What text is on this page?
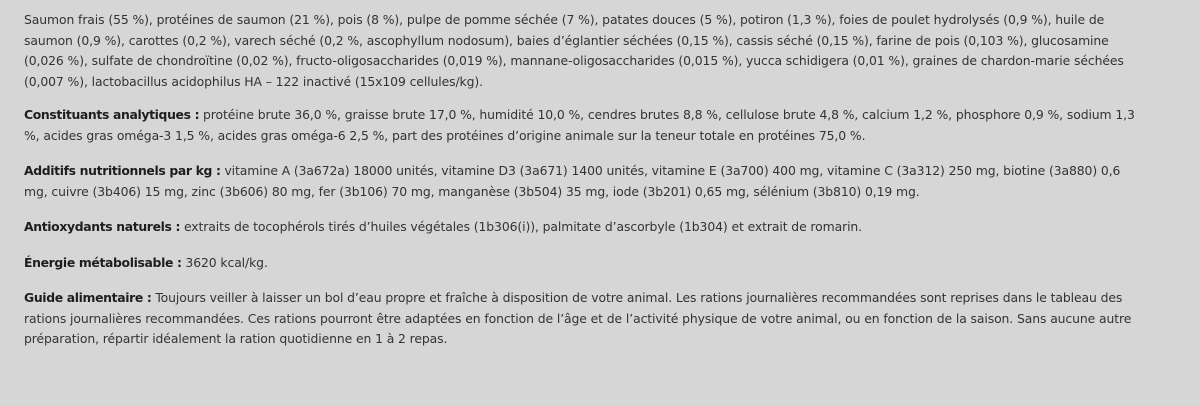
Saumon frais (55 %), protéines de saumon (21 %), pois (8 %), pulpe de pomme séchée (7 %), patates douces (5 %), potiron (1,3 %), foies de poulet hydrolysés (0,9 %), huile de saumon (0,9 %), carottes (0,2 %), varech séché (0,2 %, ascophyllum nodosum), baies d’églantier séchées (0,15 %), cassis séché (0,15 %), farine de pois (0,103 %), glucosamine (0,026 %), sulfate de chondroïtine (0,02 %), fructo-oligosaccharides (0,019 %), mannane-oligosaccharides (0,015 %), yucca schidigera (0,01 %), graines de chardon-marie séchées (0,007 %), lactobacillus acidophilus HA – 122 inactivé (15x109 cellules/kg).

Constituants analytiques : protéine brute 36,0 %, graisse brute 17,0 %, humidité 10,0 %, cendres brutes 8,8 %, cellulose brute 4,8 %, calcium 1,2 %, phosphore 0,9 %, sodium 1,3 %, acides gras oméga-3 1,5 %, acides gras oméga-6 2,5 %, part des protéines d’origine animale sur la teneur totale en protéines 75,0 %.

Additifs nutritionnels par kg : vitamine A (3a672a) 18000 unités, vitamine D3 (3a671) 1400 unités, vitamine E (3a700) 400 mg, vitamine C (3a312) 250 mg, biotine (3a880) 0,6 mg, cuivre (3b406) 15 mg, zinc (3b606) 80 mg, fer (3b106) 70 mg, manganèse (3b504) 35 mg, iode (3b201) 0,65 mg, sélénium (3b810) 0,19 mg.

Antioxydants naturels : extraits de tocophérols tirés d’huiles végétales (1b306(i)), palmitate d’ascorbyle (1b304) et extrait de romarin.

Énergie métabolisable : 3620 kcal/kg.

Guide alimentaire : Toujours veiller à laisser un bol d’eau propre et fraîche à disposition de votre animal. Les rations journalières recommandées sont reprises dans le tableau des rations journalières recommandées. Ces rations pourront être adaptées en fonction de l’âge et de l’activité physique de votre animal, ou en fonction de la saison. Sans aucune autre préparation, répartir idéalement la ration quotidienne en 1 à 2 repas.
